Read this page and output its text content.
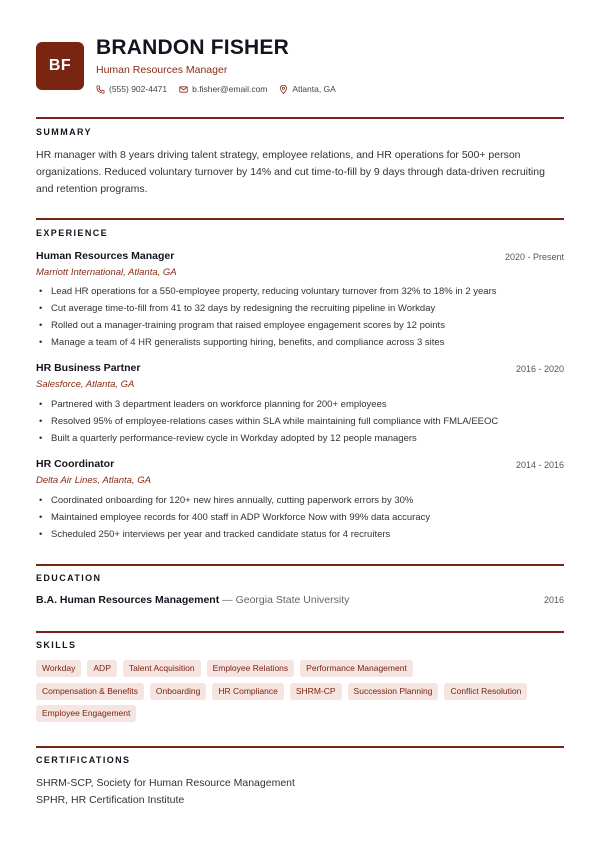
BF
BRANDON FISHER
Human Resources Manager
(555) 902-4471	b.fisher@email.com	Atlanta, GA
SUMMARY
HR manager with 8 years driving talent strategy, employee relations, and HR operations for 500+ person organizations. Reduced voluntary turnover by 14% and cut time-to-fill by 9 days through data-driven recruiting and retention programs.
EXPERIENCE
Human Resources Manager	2020 - Present
Marriott International, Atlanta, GA
• Lead HR operations for a 550-employee property, reducing voluntary turnover from 32% to 18% in 2 years
• Cut average time-to-fill from 41 to 32 days by redesigning the recruiting pipeline in Workday
• Rolled out a manager-training program that raised employee engagement scores by 12 points
• Manage a team of 4 HR generalists supporting hiring, benefits, and compliance across 3 sites
HR Business Partner	2016 - 2020
Salesforce, Atlanta, GA
• Partnered with 3 department leaders on workforce planning for 200+ employees
• Resolved 95% of employee-relations cases within SLA while maintaining full compliance with FMLA/EEOC
• Built a quarterly performance-review cycle in Workday adopted by 12 people managers
HR Coordinator	2014 - 2016
Delta Air Lines, Atlanta, GA
• Coordinated onboarding for 120+ new hires annually, cutting paperwork errors by 30%
• Maintained employee records for 400 staff in ADP Workforce Now with 99% data accuracy
• Scheduled 250+ interviews per year and tracked candidate status for 4 recruiters
EDUCATION
B.A. Human Resources Management — Georgia State University	2016
SKILLS
Workday	ADP	Talent Acquisition	Employee Relations	Performance Management
Compensation & Benefits	Onboarding	HR Compliance	SHRM-CP	Succession Planning	Conflict Resolution
Employee Engagement
CERTIFICATIONS
SHRM-SCP, Society for Human Resource Management
SPHR, HR Certification Institute
